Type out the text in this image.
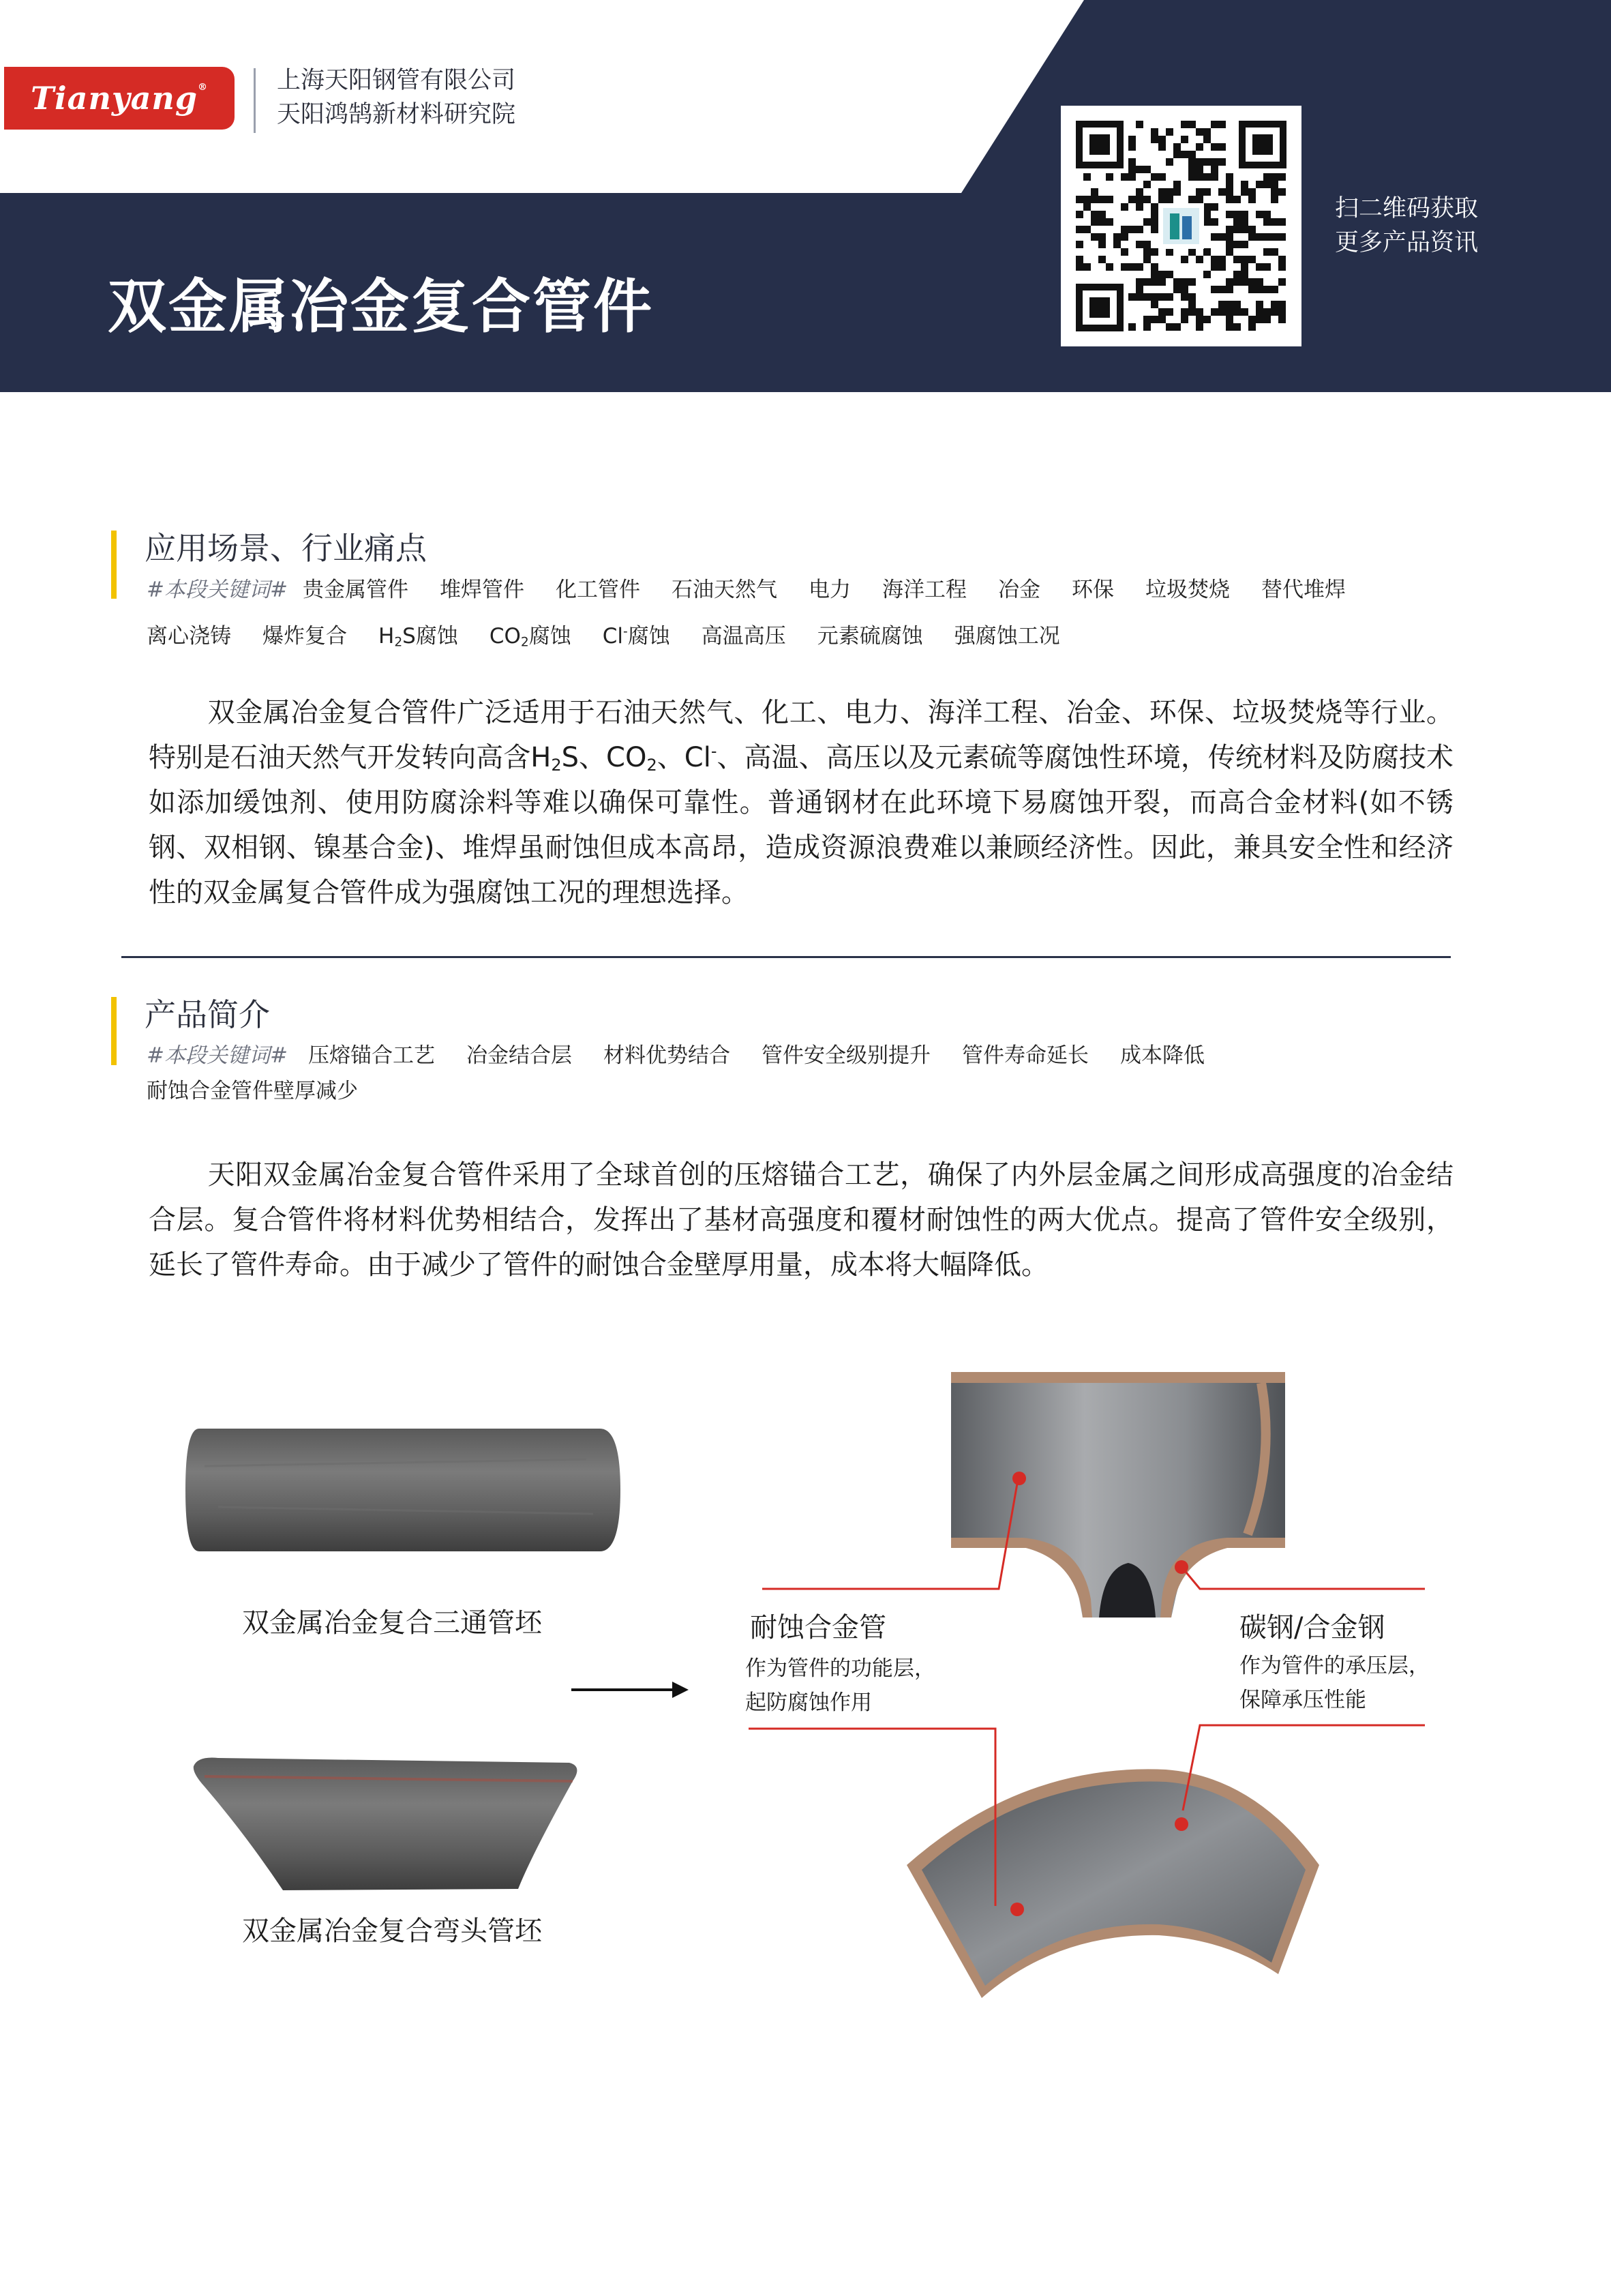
Tianyang®	上海天阳钢管有限公司
天阳鸿鹄新材料研究院
双金属冶金复合管件
扫二维码获取
更多产品资讯
应用场景、行业痛点
#本段关键词# 贵金属管件 堆焊管件 化工管件 石油天然气 电力 海洋工程 冶金 环保 垃圾焚烧 替代堆焊
离心浇铸 爆炸复合 $H_2S$腐蚀 $CO_2$腐蚀 Cl-腐蚀 高温高压 元素硫腐蚀 强腐蚀工况

双金属冶金复合管件广泛适用于石油天然气、化工、电力、海洋工程、冶金、环保、垃圾焚烧等行业。特别是石油天然气开发转向高含$H_2S$、$CO_2$、Cl-、高温、高压以及元素硫等腐蚀性环境，传统材料及防腐技术如添加缓蚀剂、使用防腐涂料等难以确保可靠性。普通钢材在此环境下易腐蚀开裂，而高合金材料(如不锈钢、双相钢、镍基合金)、堆焊虽耐蚀但成本高昂，造成资源浪费难以兼顾经济性。因此，兼具安全性和经济性的双金属复合管件成为强腐蚀工况的理想选择。

产品简介
#本段关键词# 压熔锚合工艺 冶金结合层 材料优势结合 管件安全级别提升 管件寿命延长 成本降低
耐蚀合金管件壁厚减少

天阳双金属冶金复合管件采用了全球首创的压熔锚合工艺，确保了内外层金属之间形成高强度的冶金结合层。复合管件将材料优势相结合，发挥出了基材高强度和覆材耐蚀性的两大优点。提高了管件安全级别，延长了管件寿命。由于减少了管件的耐蚀合金壁厚用量，成本将大幅降低。

双金属冶金复合三通管坯
双金属冶金复合弯头管坯
耐蚀合金管
作为管件的功能层，
起防腐蚀作用
碳钢/合金钢
作为管件的承压层，
保障承压性能
